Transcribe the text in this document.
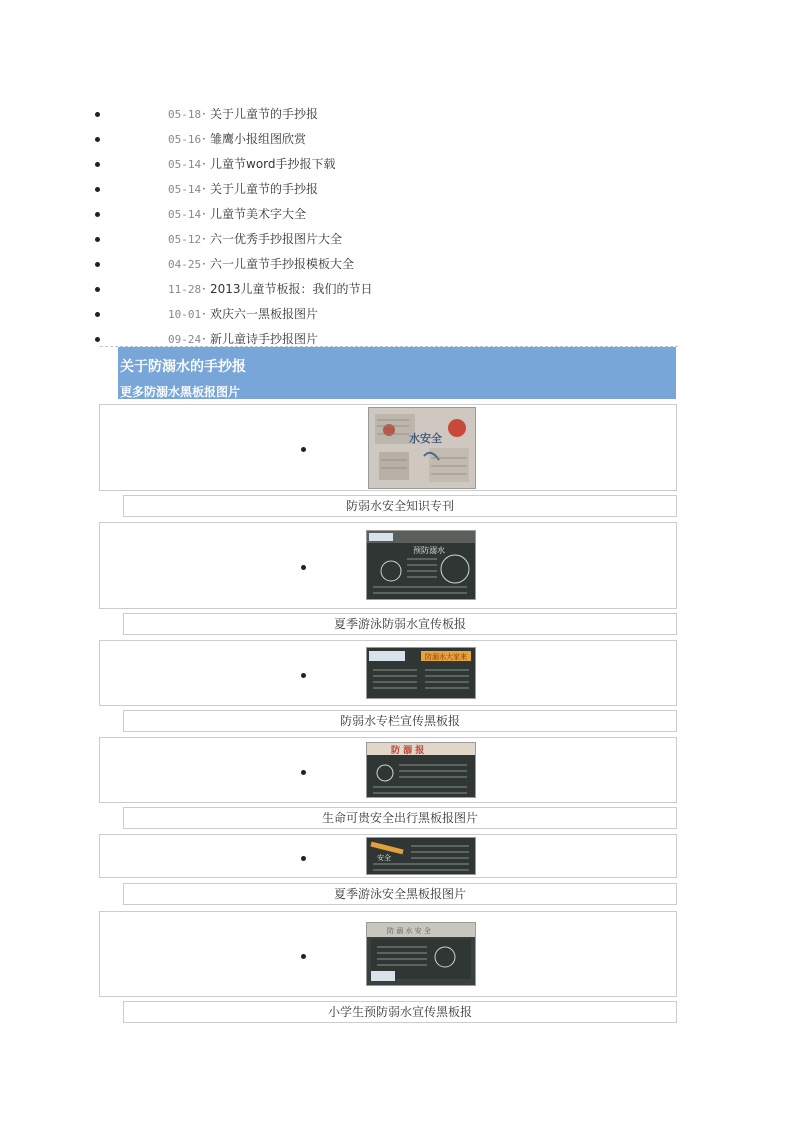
05-18 · 关于儿童节的手抄报
05-16 · 雏鹰小报组图欣赏
05-14 · 儿童节word手抄报下载
05-14 · 关于儿童节的手抄报
05-14 · 儿童节美术字大全
05-12 · 六一优秀手抄报图片大全
04-25 · 六一儿童节手抄报模板大全
11-28 · 2013儿童节板报：我们的节日
10-01 · 欢庆六一黑板报图片
09-24 · 新儿童诗手抄报图片
关于防溺水的手抄报
更多防溺水黑板报图片
水安全
防弱水安全知识专刊
预防溺水
夏季游泳防弱水宣传板报
防溺水大家来
防弱水专栏宣传黑板报
防 溺 报
生命可贵安全出行黑板报图片
安全
夏季游泳安全黑板报图片
防 溺 水 安 全
小学生预防弱水宣传黑板报
